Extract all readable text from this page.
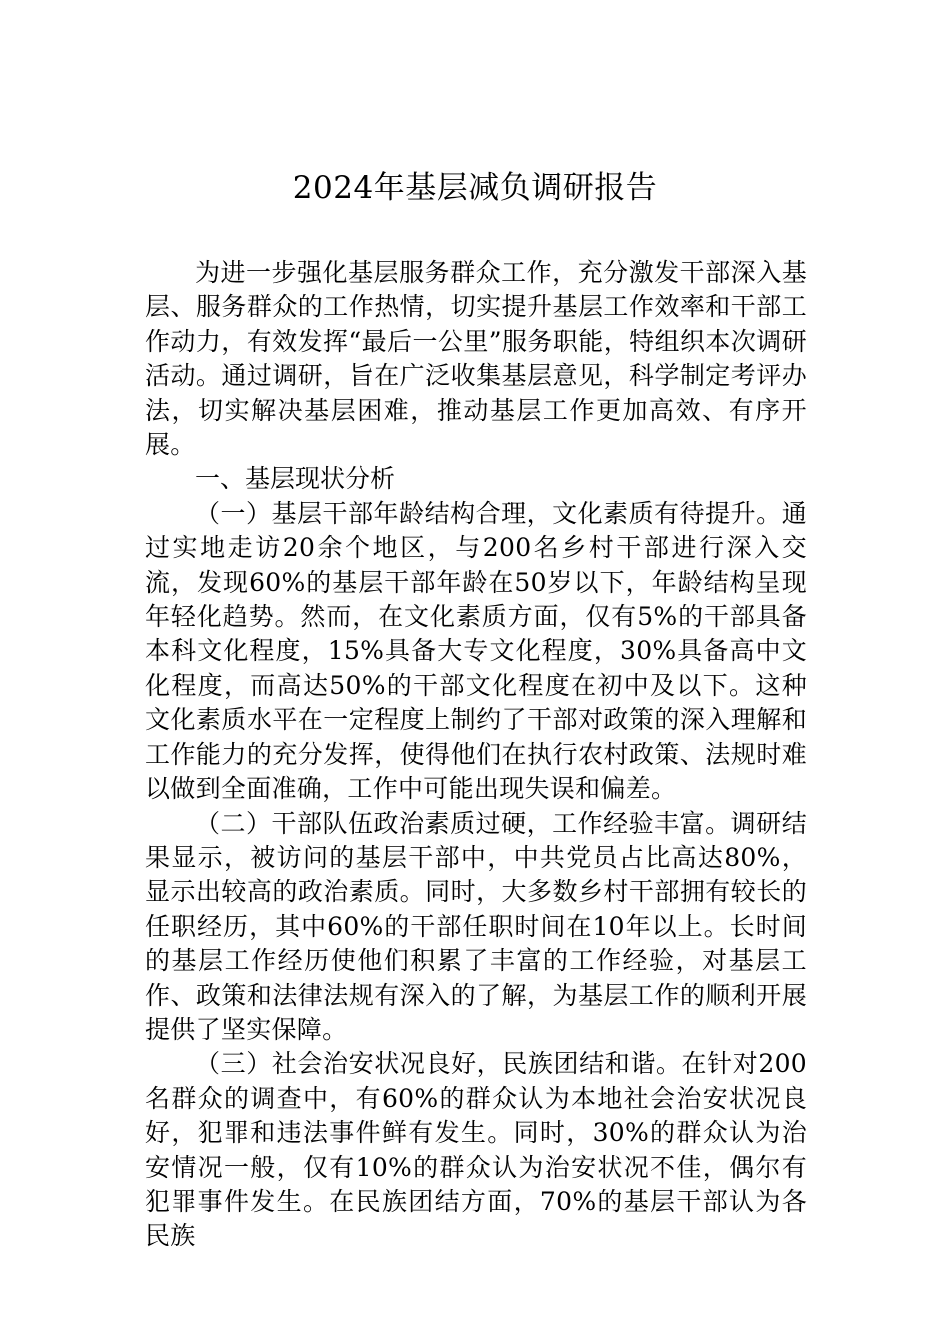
2024年基层减负调研报告

为进一步强化基层服务群众工作，充分激发干部深入基层、服务群众的工作热情，切实提升基层工作效率和干部工作动力，有效发挥“最后一公里”服务职能，特组织本次调研活动。通过调研，旨在广泛收集基层意见，科学制定考评办法，切实解决基层困难，推动基层工作更加高效、有序开展。

一、基层现状分析

（一）基层干部年龄结构合理，文化素质有待提升。通过实地走访20余个地区，与200名乡村干部进行深入交流，发现60%的基层干部年龄在50岁以下，年龄结构呈现年轻化趋势。然而，在文化素质方面，仅有5%的干部具备本科文化程度，15%具备大专文化程度，30%具备高中文化程度，而高达50%的干部文化程度在初中及以下。这种文化素质水平在一定程度上制约了干部对政策的深入理解和工作能力的充分发挥，使得他们在执行农村政策、法规时难以做到全面准确，工作中可能出现失误和偏差。

（二）干部队伍政治素质过硬，工作经验丰富。调研结果显示，被访问的基层干部中，中共党员占比高达80%，显示出较高的政治素质。同时，大多数乡村干部拥有较长的任职经历，其中60%的干部任职时间在10年以上。长时间的基层工作经历使他们积累了丰富的工作经验，对基层工作、政策和法律法规有深入的了解，为基层工作的顺利开展提供了坚实保障。

（三）社会治安状况良好，民族团结和谐。在针对200名群众的调查中，有60%的群众认为本地社会治安状况良好，犯罪和违法事件鲜有发生。同时，30%的群众认为治安情况一般，仅有10%的群众认为治安状况不佳，偶尔有犯罪事件发生。在民族团结方面，70%的基层干部认为各民族
